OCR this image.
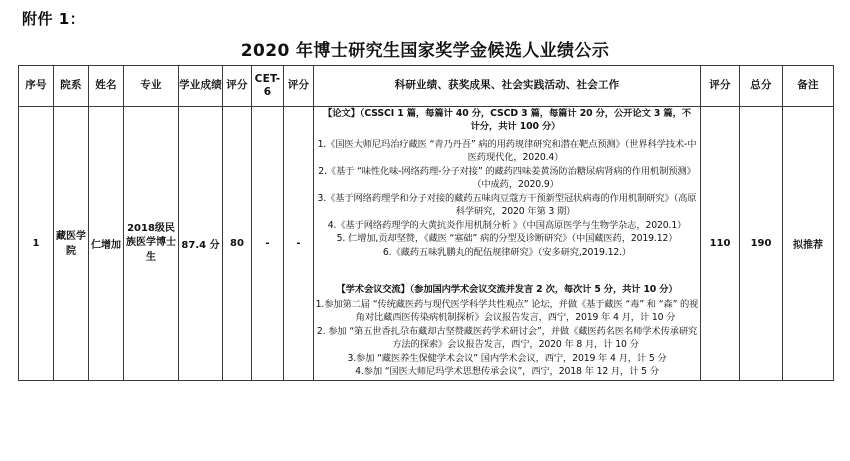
附件 1：
2020 年博士研究生国家奖学金候选人业绩公示
序号	院系	姓名	专业	学业成绩	评分	CET-6	评分	科研业绩、获奖成果、社会实践活动、社会工作	评分	总分	备注
1	藏医学院	仁增加	2018级民族医学博士生	87.4 分	80	-	-	
【论文】（CSSCI 1 篇，每篇计 40 分，CSCD 3 篇，每篇计 20 分，公开论文 3 篇，不
计分，共计 100 分）
1.《国医大师尼玛治疗藏医 “青乃丹吾” 病的用药规律研究和潜在靶点预测》（世界科学技术-中医药现代化，2020.4）
2.《基于 “味性化味-网络药理-分子对接” 的藏药四味姜黄汤防治糖尿病肾病的作用机制预测》（中成药，2020.9）
3.《基于网络药理学和分子对接的藏药五味肉豆蔻方干预新型冠状病毒的作用机制研究》（高原科学研究，2020 年第 3 期）
4.《基于网络药理学的大黄抗炎作用机制分析 》（中国高原医学与生物学杂志，2020.1）
5. 仁增加,贡却坚赞，《藏医 “塞础” 病的分型及诊断研究》（中国藏医药，2019.12）
6.《藏药五味乳鹏丸的配伍规律研究》（安多研究,2019.12.）
【学术会议交流】（参加国内学术会议交流并发言 2 次，每次计 5 分，共计 10 分）
1.参加第二届 “传统藏医药与现代医学科学共性观点” 论坛，并做《基于藏医 “毒” 和 “森” 的视角对比藏西医传染病机制探析》会议报告发言，西宁，2019 年 4 月，计 10 分
2. 参加 “第五世香扎尕布藏却古坚赞藏医药学术研讨会”，并做《藏医药名医名师学术传承研究方法的探索》会议报告发言，西宁，2020 年 8 月，计 10 分
3.参加 “藏医养生保健学术会议” 国内学术会议，西宁，2019 年 4 月，计 5 分
4.参加 “国医大师尼玛学术思想传承会议”，西宁，2018 年 12 月，计 5 分
	110	190	拟推荐
